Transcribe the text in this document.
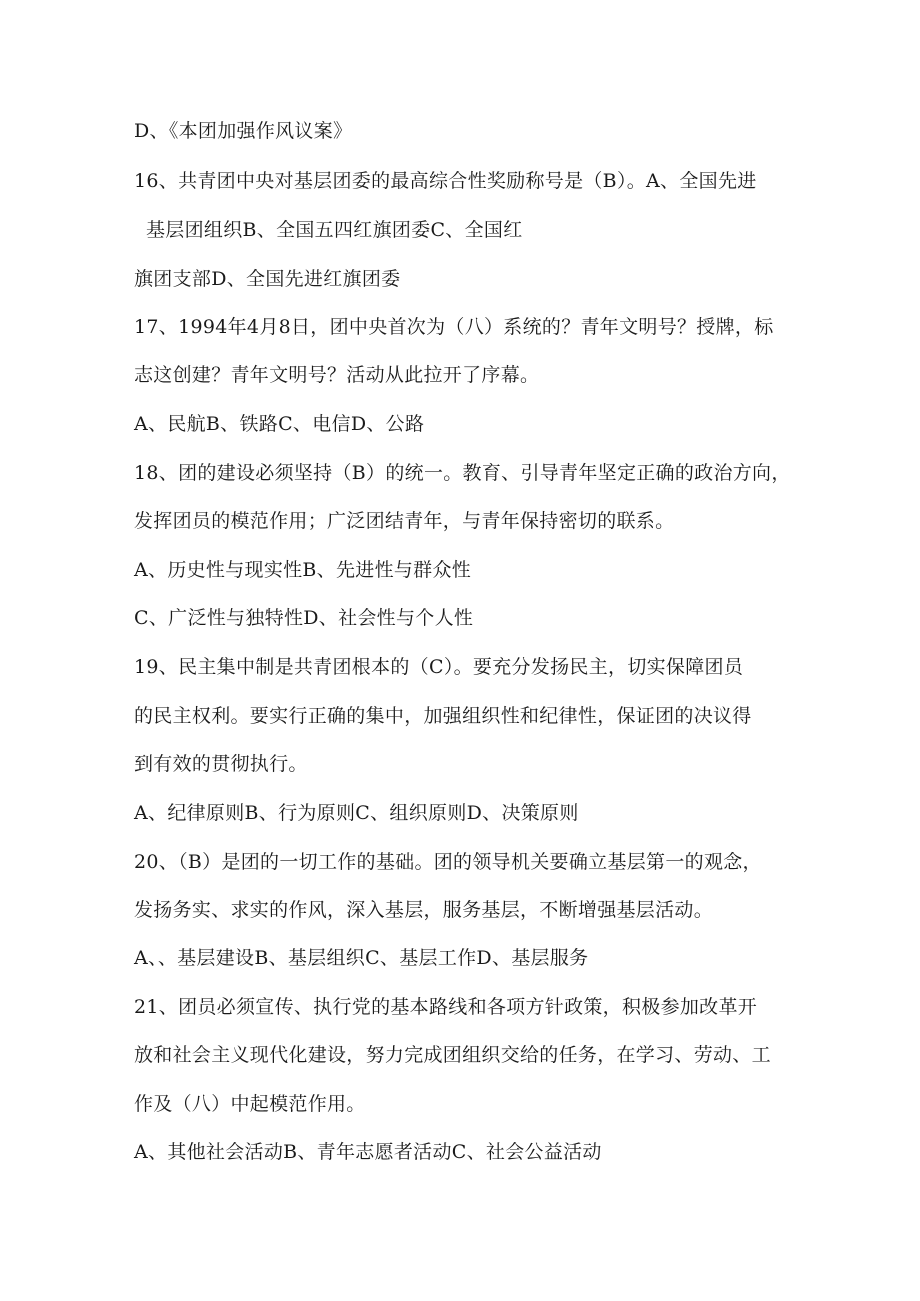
D、《本团加强作风议案》
16、共青团中央对基层团委的最高综合性奖励称号是（B）。A、全国先进
基层团组织B、全国五四红旗团委C、全国红
旗团支部D、全国先进红旗团委
17、1994年4月8日，团中央首次为（八）系统的？青年文明号？授牌，标
志这创建？青年文明号？活动从此拉开了序幕。
A、民航B、铁路C、电信D、公路
18、团的建设必须坚持（B）的统一。教育、引导青年坚定正确的政治方向，
发挥团员的模范作用；广泛团结青年，与青年保持密切的联系。
A、历史性与现实性B、先进性与群众性
C、广泛性与独特性D、社会性与个人性
19、民主集中制是共青团根本的（C）。要充分发扬民主，切实保障团员
的民主权利。要实行正确的集中，加强组织性和纪律性，保证团的决议得
到有效的贯彻执行。
A、纪律原则B、行为原则C、组织原则D、决策原则
20、（B）是团的一切工作的基础。团的领导机关要确立基层第一的观念，
发扬务实、求实的作风，深入基层，服务基层，不断增强基层活动。
A、、基层建设B、基层组织C、基层工作D、基层服务
21、团员必须宣传、执行党的基本路线和各项方针政策，积极参加改革开
放和社会主义现代化建设，努力完成团组织交给的任务，在学习、劳动、工
作及（八）中起模范作用。
A、其他社会活动B、青年志愿者活动C、社会公益活动
